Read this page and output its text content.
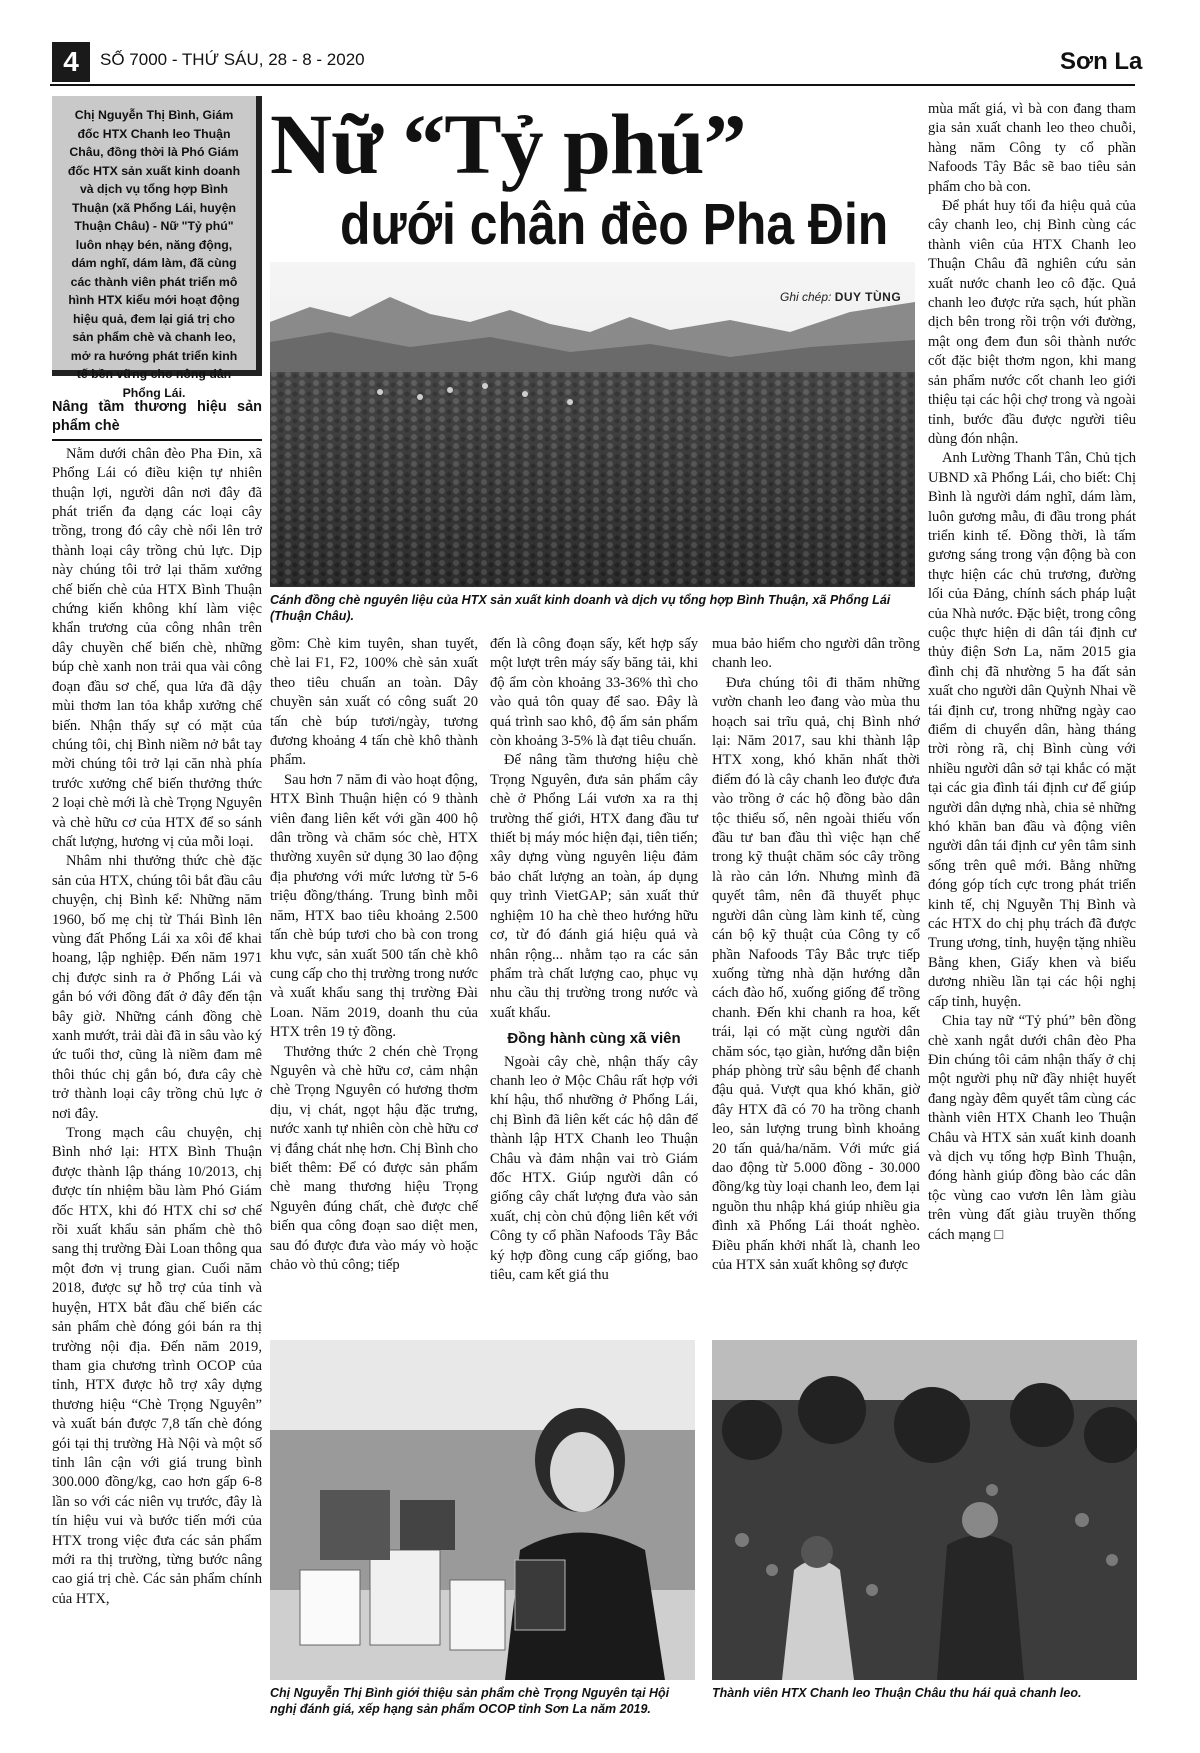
4	SỐ 7000 - THỨ SÁU, 28 - 8 - 2020	Sơn La
Chị Nguyễn Thị Bình, Giám đốc HTX Chanh leo Thuận Châu, đồng thời là Phó Giám đốc HTX sản xuất kinh doanh và dịch vụ tổng hợp Bình Thuận (xã Phổng Lái, huyện Thuận Châu) - Nữ "Tỷ phú" luôn nhạy bén, năng động, dám nghĩ, dám làm, đã cùng các thành viên phát triển mô hình HTX kiểu mới hoạt động hiệu quả, đem lại giá trị cho sản phẩm chè và chanh leo, mở ra hướng phát triển kinh tế bền vững cho nông dân Phổng Lái.
Nữ “Tỷ phú”
dưới chân đèo Pha Đin
Ghi chép: DUY TÙNG
Cánh đồng chè nguyên liệu của HTX sản xuất kinh doanh và dịch vụ tổng hợp Bình Thuận, xã Phổng Lái (Thuận Châu).
Nâng tầm thương hiệu sản phẩm chè

Nằm dưới chân đèo Pha Đin, xã Phổng Lái có điều kiện tự nhiên thuận lợi, người dân nơi đây đã phát triển đa dạng các loại cây trồng, trong đó cây chè nổi lên trở thành loại cây trồng chủ lực. Dịp này chúng tôi trở lại thăm xưởng chế biến chè của HTX Bình Thuận chứng kiến không khí làm việc khẩn trương của công nhân trên dây chuyền chế biến chè, những búp chè xanh non trải qua vài công đoạn đầu sơ chế, qua lửa đã dậy mùi thơm lan tỏa khắp xưởng chế biến. Nhận thấy sự có mặt của chúng tôi, chị Bình niềm nở bắt tay mời chúng tôi trở lại căn nhà phía trước xưởng chế biến thưởng thức 2 loại chè mới là chè Trọng Nguyên và chè hữu cơ của HTX để so sánh chất lượng, hương vị của mỗi loại.

Nhâm nhi thưởng thức chè đặc sản của HTX, chúng tôi bắt đầu câu chuyện, chị Bình kể: Những năm 1960, bố mẹ chị từ Thái Bình lên vùng đất Phổng Lái xa xôi để khai hoang, lập nghiệp. Đến năm 1971 chị được sinh ra ở Phổng Lái và gắn bó với đồng đất ở đây đến tận bây giờ. Những cánh đồng chè xanh mướt, trải dài đã in sâu vào ký ức tuổi thơ, cũng là niềm đam mê thôi thúc chị gắn bó, đưa cây chè trở thành loại cây trồng chủ lực ở nơi đây.

Trong mạch câu chuyện, chị Bình nhớ lại: HTX Bình Thuận được thành lập tháng 10/2013, chị được tín nhiệm bầu làm Phó Giám đốc HTX, khi đó HTX chỉ sơ chế rồi xuất khẩu sản phẩm chè thô sang thị trường Đài Loan thông qua một đơn vị trung gian. Cuối năm 2018, được sự hỗ trợ của tỉnh và huyện, HTX bắt đầu chế biến các sản phẩm chè đóng gói bán ra thị trường nội địa. Đến năm 2019, tham gia chương trình OCOP của tỉnh, HTX được hỗ trợ xây dựng thương hiệu “Chè Trọng Nguyên” và xuất bán được 7,8 tấn chè đóng gói tại thị trường Hà Nội và một số tỉnh lân cận với giá trung bình 300.000 đồng/kg, cao hơn gấp 6-8 lần so với các niên vụ trước, đây là tín hiệu vui và bước tiến mới của HTX trong việc đưa các sản phẩm mới ra thị trường, từng bước nâng cao giá trị chè. Các sản phẩm chính của HTX,

gồm: Chè kim tuyên, shan tuyết, chè lai F1, F2, 100% chè sản xuất theo tiêu chuẩn an toàn. Dây chuyền sản xuất có công suất 20 tấn chè búp tươi/ngày, tương đương khoảng 4 tấn chè khô thành phẩm.

Sau hơn 7 năm đi vào hoạt động, HTX Bình Thuận hiện có 9 thành viên đang liên kết với gần 400 hộ dân trồng và chăm sóc chè, HTX thường xuyên sử dụng 30 lao động địa phương với mức lương từ 5-6 triệu đồng/tháng. Trung bình mỗi năm, HTX bao tiêu khoảng 2.500 tấn chè búp tươi cho bà con trong khu vực, sản xuất 500 tấn chè khô cung cấp cho thị trường trong nước và xuất khẩu sang thị trường Đài Loan. Năm 2019, doanh thu của HTX trên 19 tỷ đồng.

Thưởng thức 2 chén chè Trọng Nguyên và chè hữu cơ, cảm nhận chè Trọng Nguyên có hương thơm dịu, vị chát, ngọt hậu đặc trưng, nước xanh tự nhiên còn chè hữu cơ vị đắng chát nhẹ hơn. Chị Bình cho biết thêm: Để có được sản phẩm chè mang thương hiệu Trọng Nguyên đúng chất, chè được chế biến qua công đoạn sao diệt men, sau đó được đưa vào máy vò hoặc chảo vò thủ công; tiếp

đến là công đoạn sấy, kết hợp sấy một lượt trên máy sấy băng tải, khi độ ẩm còn khoảng 33-36% thì cho vào quả tôn quay để sao. Đây là quá trình sao khô, độ ẩm sản phẩm còn khoảng 3-5% là đạt tiêu chuẩn.

Để nâng tầm thương hiệu chè Trọng Nguyên, đưa sản phẩm cây chè ở Phổng Lái vươn xa ra thị trường thế giới, HTX đang đầu tư thiết bị máy móc hiện đại, tiên tiến; xây dựng vùng nguyên liệu đảm bảo chất lượng an toàn, áp dụng quy trình VietGAP; sản xuất thử nghiệm 10 ha chè theo hướng hữu cơ, từ đó đánh giá hiệu quả và nhân rộng... nhằm tạo ra các sản phẩm trà chất lượng cao, phục vụ nhu cầu thị trường trong nước và xuất khẩu.

Đồng hành cùng xã viên

Ngoài cây chè, nhận thấy cây chanh leo ở Mộc Châu rất hợp với khí hậu, thổ nhưỡng ở Phổng Lái, chị Bình đã liên kết các hộ dân để thành lập HTX Chanh leo Thuận Châu và đảm nhận vai trò Giám đốc HTX. Giúp người dân có giống cây chất lượng đưa vào sản xuất, chị còn chủ động liên kết với Công ty cổ phần Nafoods Tây Bắc ký hợp đồng cung cấp giống, bao tiêu, cam kết giá thu

mua bảo hiểm cho người dân trồng chanh leo.

Đưa chúng tôi đi thăm những vườn chanh leo đang vào mùa thu hoạch sai trĩu quả, chị Bình nhớ lại: Năm 2017, sau khi thành lập HTX xong, khó khăn nhất thời điểm đó là cây chanh leo được đưa vào trồng ở các hộ đồng bào dân tộc thiểu số, nên ngoài thiếu vốn đầu tư ban đầu thì việc hạn chế trong kỹ thuật chăm sóc cây trồng là rào cản lớn. Nhưng mình đã quyết tâm, nên đã thuyết phục người dân cùng làm kinh tế, cùng cán bộ kỹ thuật của Công ty cổ phần Nafoods Tây Bắc trực tiếp xuống từng nhà dặn hướng dẫn cách đào hố, xuống giống để trồng chanh. Đến khi chanh ra hoa, kết trái, lại có mặt cùng người dân chăm sóc, tạo giàn, hướng dẫn biện pháp phòng trừ sâu bệnh để chanh đậu quả. Vượt qua khó khăn, giờ đây HTX đã có 70 ha trồng chanh leo, sản lượng trung bình khoảng 20 tấn quả/ha/năm. Với mức giá dao động từ 5.000 đồng - 30.000 đồng/kg tùy loại chanh leo, đem lại nguồn thu nhập khá giúp nhiều gia đình xã Phổng Lái thoát nghèo. Điều phấn khởi nhất là, chanh leo của HTX sản xuất không sợ được

mùa mất giá, vì bà con đang tham gia sản xuất chanh leo theo chuỗi, hàng năm Công ty cổ phần Nafoods Tây Bắc sẽ bao tiêu sản phẩm cho bà con.

Để phát huy tối đa hiệu quả của cây chanh leo, chị Bình cùng các thành viên của HTX Chanh leo Thuận Châu đã nghiên cứu sản xuất nước chanh leo cô đặc. Quả chanh leo được rửa sạch, hút phần dịch bên trong rồi trộn với đường, mật ong đem đun sôi thành nước cốt đặc biệt thơm ngon, khi mang sản phẩm nước cốt chanh leo giới thiệu tại các hội chợ trong và ngoài tỉnh, bước đầu được người tiêu dùng đón nhận.

Anh Lường Thanh Tân, Chủ tịch UBND xã Phổng Lái, cho biết: Chị Bình là người dám nghĩ, dám làm, luôn gương mẫu, đi đầu trong phát triển kinh tế. Đồng thời, là tấm gương sáng trong vận động bà con thực hiện các chủ trương, đường lối của Đảng, chính sách pháp luật của Nhà nước. Đặc biệt, trong công cuộc thực hiện di dân tái định cư thủy điện Sơn La, năm 2015 gia đình chị đã nhường 5 ha đất sản xuất cho người dân Quỳnh Nhai về tái định cư, trong những ngày cao điểm di chuyển dân, hàng tháng trời ròng rã, chị Bình cùng với nhiều người dân sở tại khắc có mặt tại các gia đình tái định cư để giúp người dân dựng nhà, chia sẻ những khó khăn ban đầu và động viên người dân tái định cư yên tâm sinh sống trên quê mới. Bằng những đóng góp tích cực trong phát triển kinh tế, chị Nguyễn Thị Bình và các HTX do chị phụ trách đã được Trung ương, tỉnh, huyện tặng nhiều Bằng khen, Giấy khen và biểu dương nhiều lần tại các hội nghị cấp tỉnh, huyện.

Chia tay nữ “Tỷ phú” bên đồng chè xanh ngắt dưới chân đèo Pha Đin chúng tôi cảm nhận thấy ở chị một người phụ nữ đầy nhiệt huyết đang ngày đêm quyết tâm cùng các thành viên HTX Chanh leo Thuận Châu và HTX sản xuất kinh doanh và dịch vụ tổng hợp Bình Thuận, đóng hành giúp đồng bào các dân tộc vùng cao vươn lên làm giàu trên vùng đất giàu truyền thống cách mạng □

Chị Nguyễn Thị Bình giới thiệu sản phẩm chè Trọng Nguyên tại Hội nghị đánh giá, xếp hạng sản phẩm OCOP tỉnh Sơn La năm 2019.
Thành viên HTX Chanh leo Thuận Châu thu hái quả chanh leo.
